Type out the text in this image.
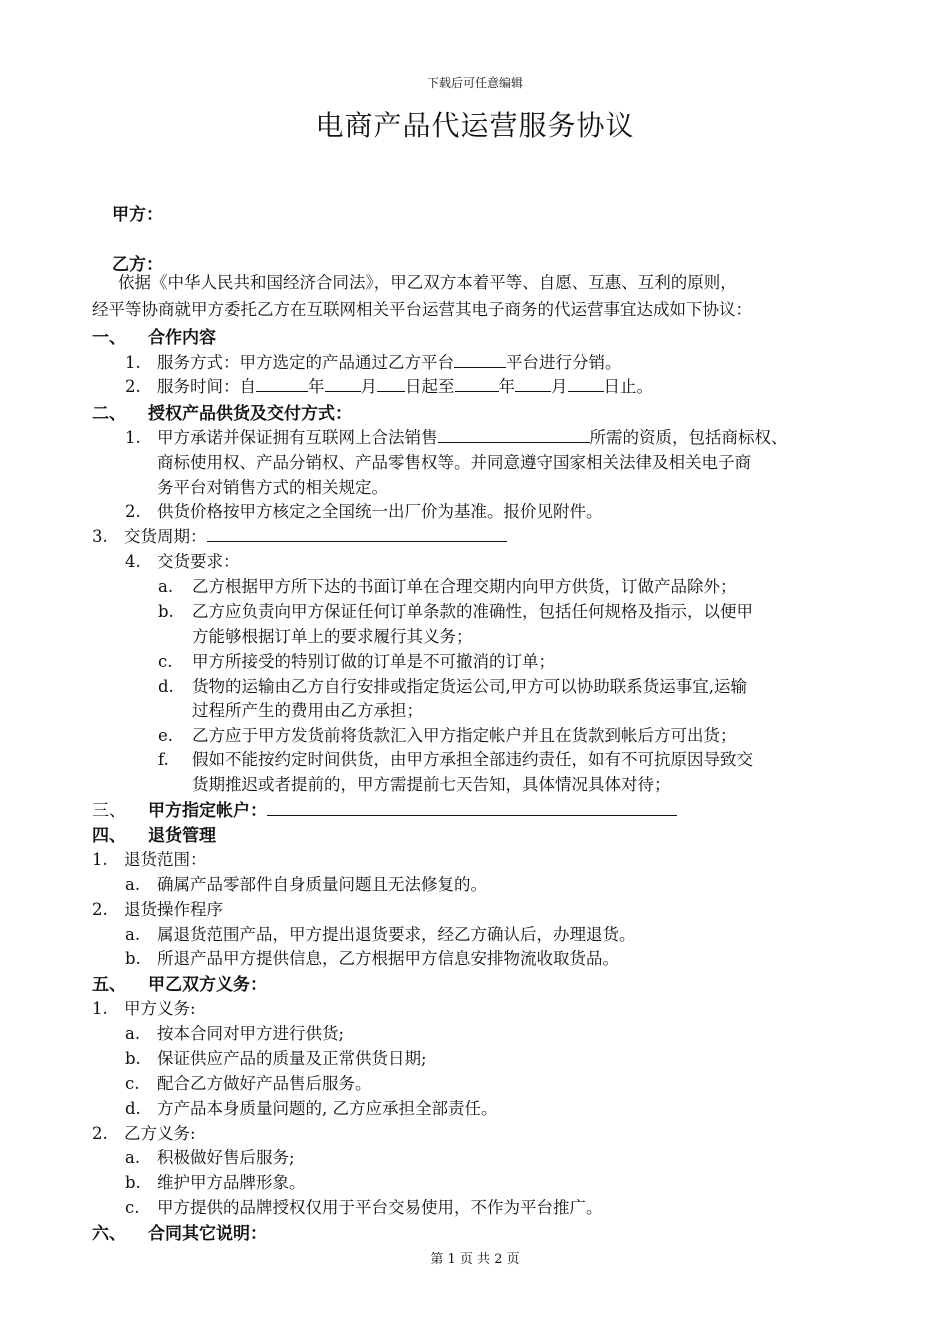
下载后可任意编辑
电商产品代运营服务协议
甲方：
乙方：
依据《中华人民共和国经济合同法》，甲乙双方本着平等、自愿、互惠、互利的原则，
经平等协商就甲方委托乙方在互联网相关平台运营其电子商务的代运营事宜达成如下协议：
一、 合作内容
1. 服务方式：甲方选定的产品通过乙方平台	平台进行分销。
2. 服务时间：自	年 月 日起至	年 月 日止。
二、 授权产品供货及交付方式：
1. 甲方承诺并保证拥有互联网上合法销售	所需的资质，包括商标权、
商标使用权、产品分销权、产品零售权等。并同意遵守国家相关法律及相关电子商
务平台对销售方式的相关规定。
2. 供货价格按甲方核定之全国统一出厂价为基准。报价见附件。
3. 交货周期：
4. 交货要求：
a. 乙方根据甲方所下达的书面订单在合理交期内向甲方供货，订做产品除外；
b. 乙方应负责向甲方保证任何订单条款的准确性，包括任何规格及指示，以便甲
方能够根据订单上的要求履行其义务；
c. 甲方所接受的特别订做的订单是不可撤消的订单；
d. 货物的运输由乙方自行安排或指定货运公司,甲方可以协助联系货运事宜,运输
过程所产生的费用由乙方承担；
e. 乙方应于甲方发货前将货款汇入甲方指定帐户并且在货款到帐后方可出货；
f. 假如不能按约定时间供货，由甲方承担全部违约责任，如有不可抗原因导致交
货期推迟或者提前的，甲方需提前七天告知，具体情况具体对待；
三、 甲方指定帐户：
四、 退货管理
1. 退货范围：
a. 确属产品零部件自身质量问题且无法修复的。
2. 退货操作程序
a. 属退货范围产品，甲方提出退货要求，经乙方确认后，办理退货。
b. 所退产品甲方提供信息，乙方根据甲方信息安排物流收取货品。
五、 甲乙双方义务：
1. 甲方义务:
a. 按本合同对甲方进行供货;
b. 保证供应产品的质量及正常供货日期;
c. 配合乙方做好产品售后服务。
d. 方产品本身质量问题的, 乙方应承担全部责任。
2. 乙方义务:
a. 积极做好售后服务;
b. 维护甲方品牌形象。
c. 甲方提供的品牌授权仅用于平台交易使用，不作为平台推广。
六、 合同其它说明：
第 1 页 共 2 页
